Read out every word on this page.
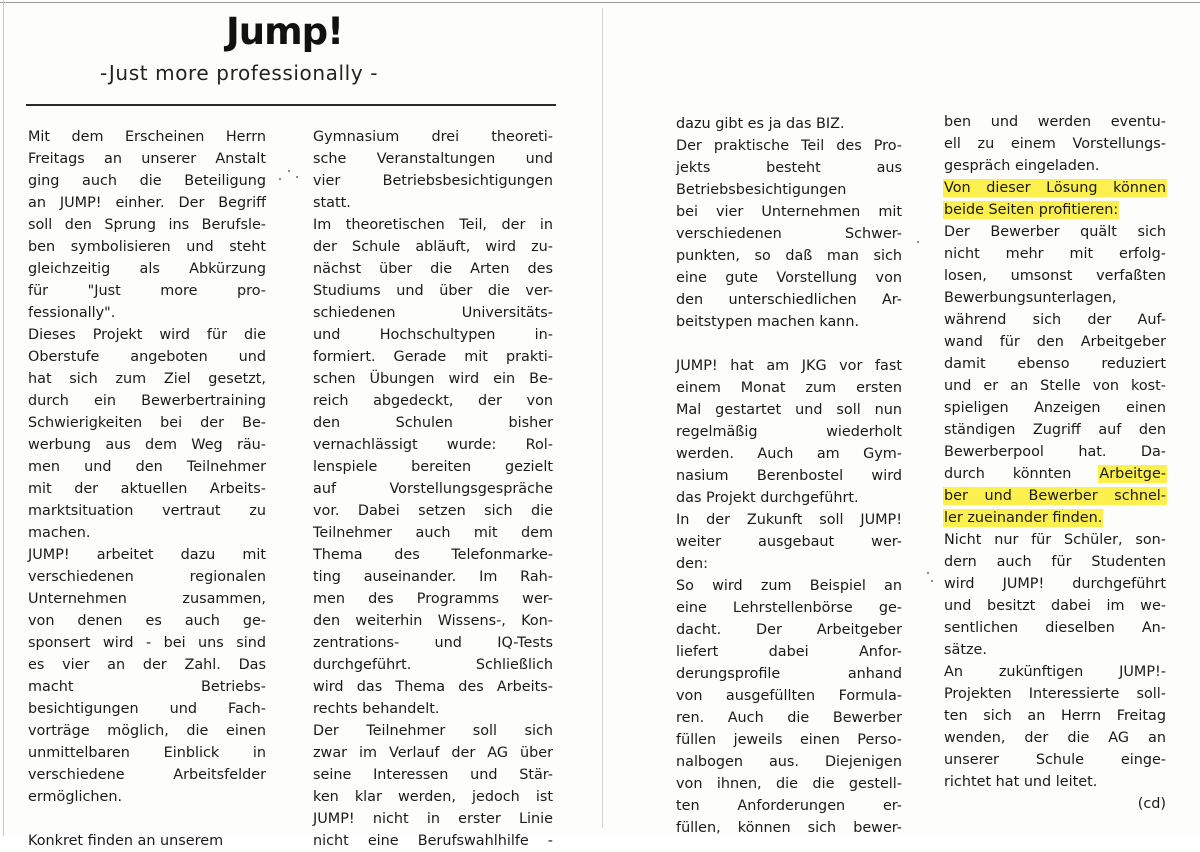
Jump!
-Just more professionally -
Mit dem Erscheinen Herrn
Freitags an unserer Anstalt
ging auch die Beteiligung
an JUMP! einher. Der Begriff
soll den Sprung ins Berufsle-
ben symbolisieren und steht
gleichzeitig als Abkürzung
für "Just more pro-
fessionally".
Dieses Projekt wird für die
Oberstufe angeboten und
hat sich zum Ziel gesetzt,
durch ein Bewerbertraining
Schwierigkeiten bei der Be-
werbung aus dem Weg räu-
men und den Teilnehmer
mit der aktuellen Arbeits-
marktsituation vertraut zu
machen.
JUMP! arbeitet dazu mit
verschiedenen regionalen
Unternehmen zusammen,
von denen es auch ge-
sponsert wird - bei uns sind
es vier an der Zahl. Das
macht Betriebs-
besichtigungen und Fach-
vorträge möglich, die einen
unmittelbaren Einblick in
verschiedene Arbeitsfelder
ermöglichen.
Konkret finden an unserem
Gymnasium drei theoreti-
sche Veranstaltungen und
vier Betriebsbesichtigungen
statt.
Im theoretischen Teil, der in
der Schule abläuft, wird zu-
nächst über die Arten des
Studiums und über die ver-
schiedenen Universitäts-
und Hochschultypen in-
formiert. Gerade mit prakti-
schen Übungen wird ein Be-
reich abgedeckt, der von
den Schulen bisher
vernachlässigt wurde: Rol-
lenspiele bereiten gezielt
auf Vorstellungsgespräche
vor. Dabei setzen sich die
Teilnehmer auch mit dem
Thema des Telefonmarke-
ting auseinander. Im Rah-
men des Programms wer-
den weiterhin Wissens-, Kon-
zentrations- und IQ-Tests
durchgeführt. Schließlich
wird das Thema des Arbeits-
rechts behandelt.
Der Teilnehmer soll sich
zwar im Verlauf der AG über
seine Interessen und Stär-
ken klar werden, jedoch ist
JUMP! nicht in erster Linie
nicht eine Berufswahlhilfe -
dazu gibt es ja das BIZ.
Der praktische Teil des Pro-
jekts besteht aus
Betriebsbesichtigungen
bei vier Unternehmen mit
verschiedenen Schwer-
punkten, so daß man sich
eine gute Vorstellung von
den unterschiedlichen Ar-
beitstypen machen kann.
JUMP! hat am JKG vor fast
einem Monat zum ersten
Mal gestartet und soll nun
regelmäßig wiederholt
werden. Auch am Gym-
nasium Berenbostel wird
das Projekt durchgeführt.
In der Zukunft soll JUMP!
weiter ausgebaut wer-
den:
So wird zum Beispiel an
eine Lehrstellenbörse ge-
dacht. Der Arbeitgeber
liefert dabei Anfor-
derungsprofile anhand
von ausgefüllten Formula-
ren. Auch die Bewerber
füllen jeweils einen Perso-
nalbogen aus. Diejenigen
von ihnen, die die gestell-
ten Anforderungen er-
füllen, können sich bewer-
ben und werden eventu-
ell zu einem Vorstellungs-
gespräch eingeladen.
Von dieser Lösung können
beide Seiten profitieren:
Der Bewerber quält sich
nicht mehr mit erfolg-
losen, umsonst verfaßten
Bewerbungsunterlagen,
während sich der Auf-
wand für den Arbeitgeber
damit ebenso reduziert
und er an Stelle von kost-
spieligen Anzeigen einen
ständigen Zugriff auf den
Bewerberpool hat. Da-
durch könnten Arbeitge-
ber und Bewerber schnel-
ler zueinander finden.
Nicht nur für Schüler, son-
dern auch für Studenten
wird JUMP! durchgeführt
und besitzt dabei im we-
sentlichen dieselben An-
sätze.
An zukünftigen JUMP!-
Projekten Interessierte soll-
ten sich an Herrn Freitag
wenden, der die AG an
unserer Schule einge-
richtet hat und leitet.
(cd)
